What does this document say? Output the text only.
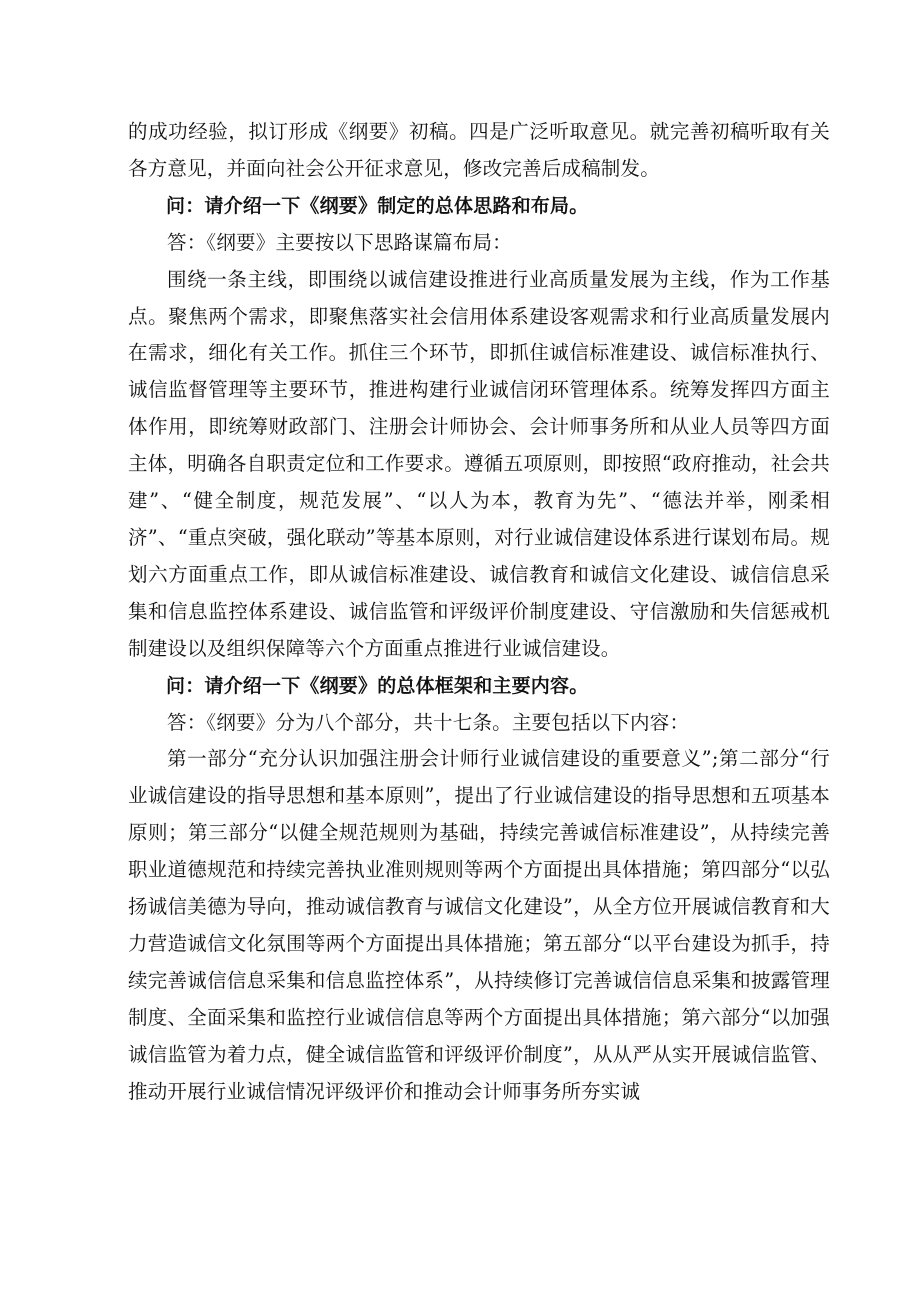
的成功经验，拟订形成《纲要》初稿。四是广泛听取意见。就完善初稿听取有关各方意见，并面向社会公开征求意见，修改完善后成稿制发。

问：请介绍一下《纲要》制定的总体思路和布局。

答：《纲要》主要按以下思路谋篇布局：

围绕一条主线，即围绕以诚信建设推进行业高质量发展为主线，作为工作基点。聚焦两个需求，即聚焦落实社会信用体系建设客观需求和行业高质量发展内在需求，细化有关工作。抓住三个环节，即抓住诚信标准建设、诚信标准执行、诚信监督管理等主要环节，推进构建行业诚信闭环管理体系。统筹发挥四方面主体作用，即统筹财政部门、注册会计师协会、会计师事务所和从业人员等四方面主体，明确各自职责定位和工作要求。遵循五项原则，即按照“政府推动，社会共建”、“健全制度，规范发展”、“以人为本，教育为先”、“德法并举，刚柔相济”、“重点突破，强化联动”等基本原则，对行业诚信建设体系进行谋划布局。规划六方面重点工作，即从诚信标准建设、诚信教育和诚信文化建设、诚信信息采集和信息监控体系建设、诚信监管和评级评价制度建设、守信激励和失信惩戒机制建设以及组织保障等六个方面重点推进行业诚信建设。

问：请介绍一下《纲要》的总体框架和主要内容。

答：《纲要》分为八个部分，共十七条。主要包括以下内容：

第一部分“充分认识加强注册会计师行业诚信建设的重要意义”;第二部分“行业诚信建设的指导思想和基本原则”，提出了行业诚信建设的指导思想和五项基本原则；第三部分“以健全规范规则为基础，持续完善诚信标准建设”，从持续完善职业道德规范和持续完善执业准则规则等两个方面提出具体措施；第四部分“以弘扬诚信美德为导向，推动诚信教育与诚信文化建设”，从全方位开展诚信教育和大力营造诚信文化氛围等两个方面提出具体措施；第五部分“以平台建设为抓手，持续完善诚信信息采集和信息监控体系”，从持续修订完善诚信信息采集和披露管理制度、全面采集和监控行业诚信信息等两个方面提出具体措施；第六部分“以加强诚信监管为着力点，健全诚信监管和评级评价制度”，从从严从实开展诚信监管、推动开展行业诚信情况评级评价和推动会计师事务所夯实诚
